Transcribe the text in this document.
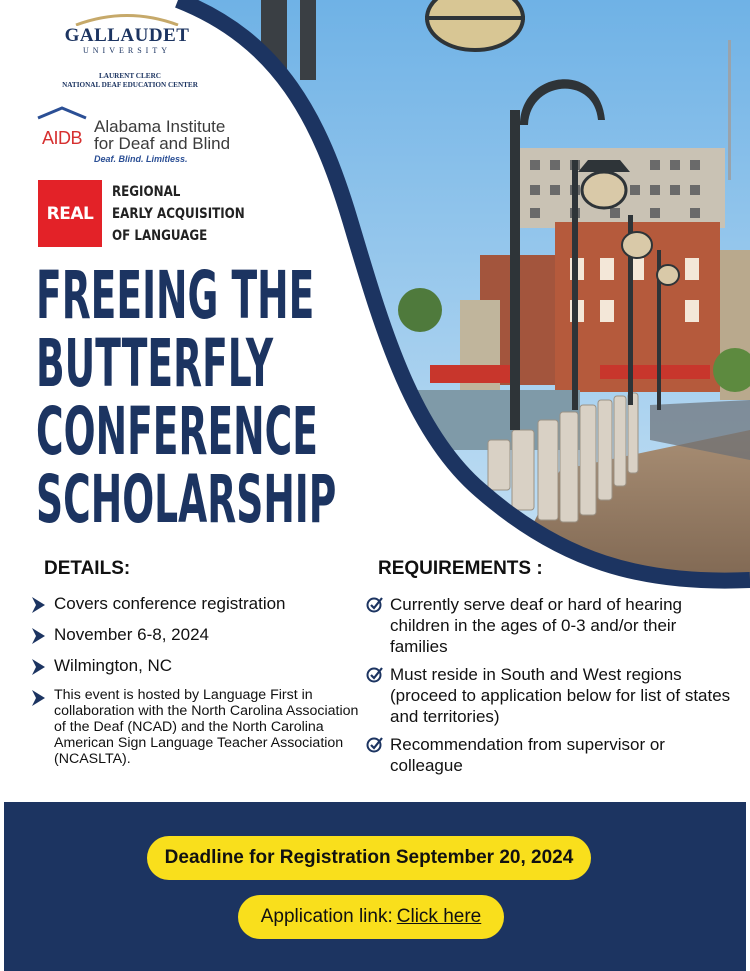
GALLAUDET
UNIVERSITY
LAURENT CLERC
NATIONAL DEAF EDUCATION CENTER
AIDB
Alabama Institute
for Deaf and Blind
Deaf. Blind. Limitless.
REAL
REGIONAL
EARLY ACQUISITION
OF LANGUAGE
FREEING THE
BUTTERFLY
CONFERENCE
SCHOLARSHIP
DETAILS:
Covers conference registration
November 6-8, 2024
Wilmington, NC
This event is hosted by Language First in collaboration with the North Carolina Association of the Deaf (NCAD) and the North Carolina American Sign Language Teacher Association (NCASLTA).
REQUIREMENTS :
Currently serve deaf or hard of hearing children in the ages of 0-3 and/or their families
Must reside in South and West regions (proceed to application below for list of states and territories)
Recommendation from supervisor or colleague
Deadline for Registration September 20, 2024
Application link: Click here
